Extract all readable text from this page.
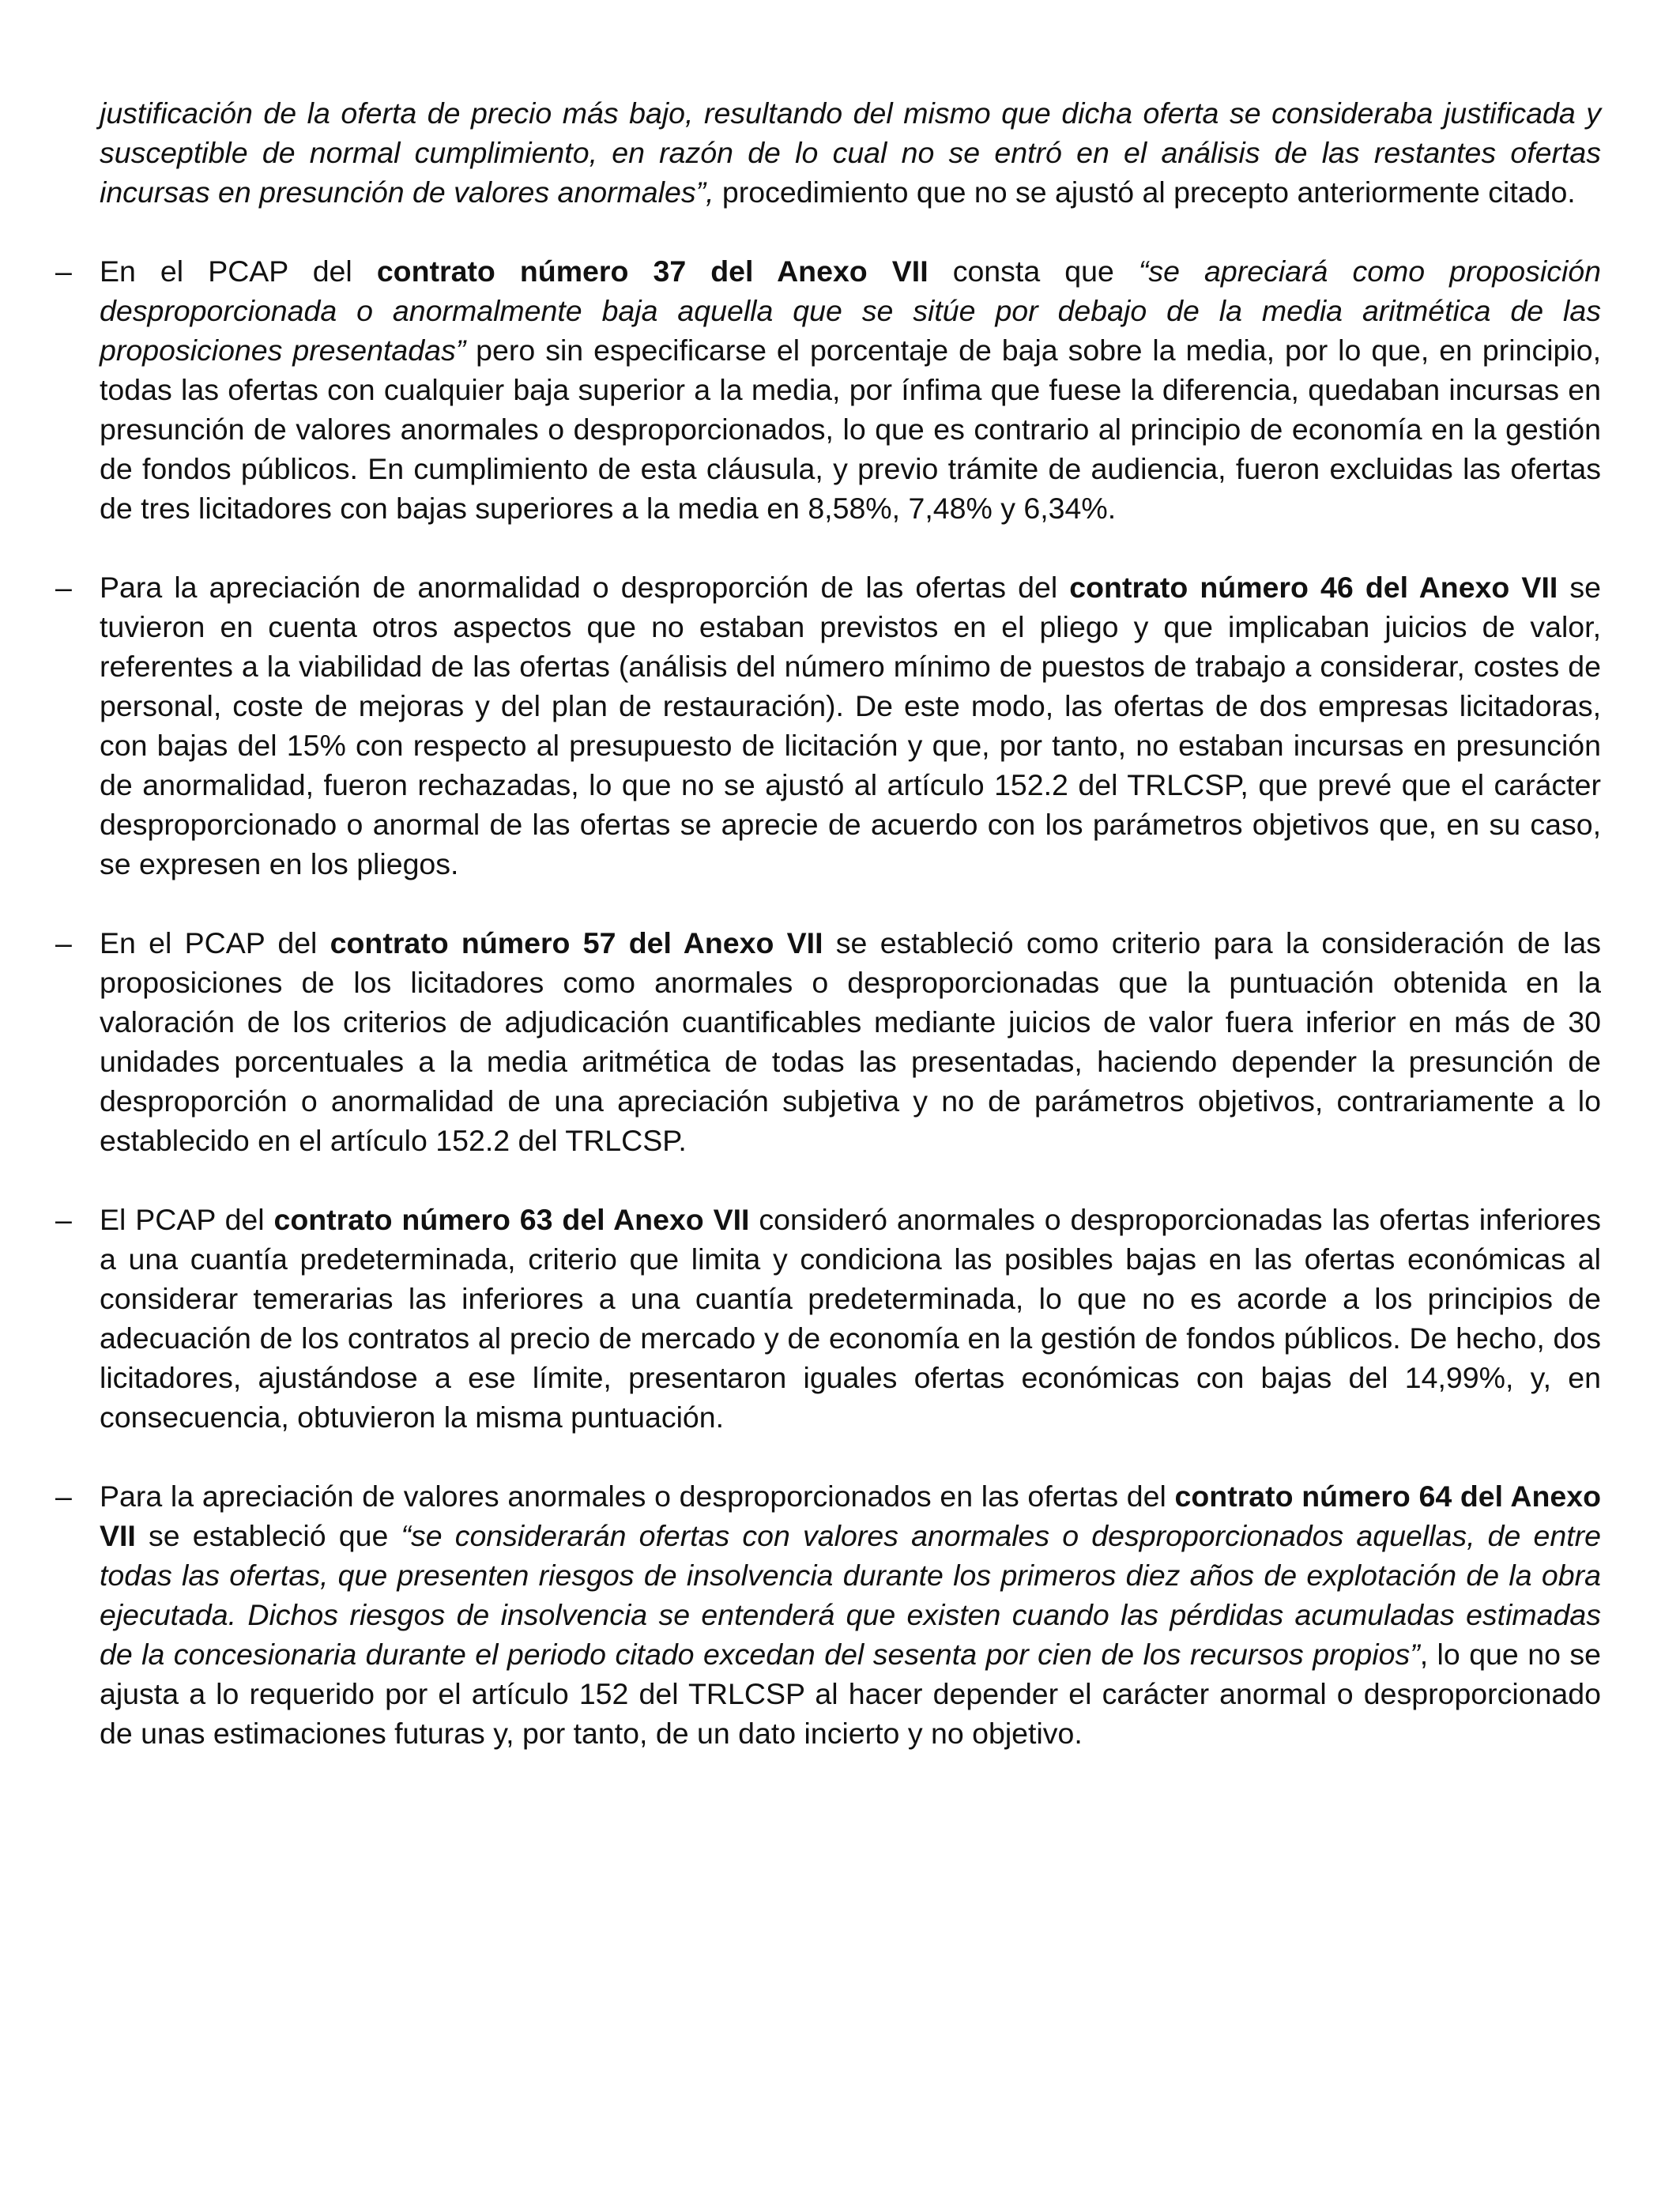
justificación de la oferta de precio más bajo, resultando del mismo que dicha oferta se consideraba justificada y susceptible de normal cumplimiento, en razón de lo cual no se entró en el análisis de las restantes ofertas incursas en presunción de valores anormales”, procedimiento que no se ajustó al precepto anteriormente citado.

– En el PCAP del contrato número 37 del Anexo VII consta que “se apreciará como proposición desproporcionada o anormalmente baja aquella que se sitúe por debajo de la media aritmética de las proposiciones presentadas” pero sin especificarse el porcentaje de baja sobre la media, por lo que, en principio, todas las ofertas con cualquier baja superior a la media, por ínfima que fuese la diferencia, quedaban incursas en presunción de valores anormales o desproporcionados, lo que es contrario al principio de economía en la gestión de fondos públicos. En cumplimiento de esta cláusula, y previo trámite de audiencia, fueron excluidas las ofertas de tres licitadores con bajas superiores a la media en 8,58%, 7,48% y 6,34%.

– Para la apreciación de anormalidad o desproporción de las ofertas del contrato número 46 del Anexo VII se tuvieron en cuenta otros aspectos que no estaban previstos en el pliego y que implicaban juicios de valor, referentes a la viabilidad de las ofertas (análisis del número mínimo de puestos de trabajo a considerar, costes de personal, coste de mejoras y del plan de restauración). De este modo, las ofertas de dos empresas licitadoras, con bajas del 15% con respecto al presupuesto de licitación y que, por tanto, no estaban incursas en presunción de anormalidad, fueron rechazadas, lo que no se ajustó al artículo 152.2 del TRLCSP, que prevé que el carácter desproporcionado o anormal de las ofertas se aprecie de acuerdo con los parámetros objetivos que, en su caso, se expresen en los pliegos.

– En el PCAP del contrato número 57 del Anexo VII se estableció como criterio para la consideración de las proposiciones de los licitadores como anormales o desproporcionadas que la puntuación obtenida en la valoración de los criterios de adjudicación cuantificables mediante juicios de valor fuera inferior en más de 30 unidades porcentuales a la media aritmética de todas las presentadas, haciendo depender la presunción de desproporción o anormalidad de una apreciación subjetiva y no de parámetros objetivos, contrariamente a lo establecido en el artículo 152.2 del TRLCSP.

– El PCAP del contrato número 63 del Anexo VII consideró anormales o desproporcionadas las ofertas inferiores a una cuantía predeterminada, criterio que limita y condiciona las posibles bajas en las ofertas económicas al considerar temerarias las inferiores a una cuantía predeterminada, lo que no es acorde a los principios de adecuación de los contratos al precio de mercado y de economía en la gestión de fondos públicos. De hecho, dos licitadores, ajustándose a ese límite, presentaron iguales ofertas económicas con bajas del 14,99%, y, en consecuencia, obtuvieron la misma puntuación.

– Para la apreciación de valores anormales o desproporcionados en las ofertas del contrato número 64 del Anexo VII se estableció que “se considerarán ofertas con valores anormales o desproporcionados aquellas, de entre todas las ofertas, que presenten riesgos de insolvencia durante los primeros diez años de explotación de la obra ejecutada. Dichos riesgos de insolvencia se entenderá que existen cuando las pérdidas acumuladas estimadas de la concesionaria durante el periodo citado excedan del sesenta por cien de los recursos propios”, lo que no se ajusta a lo requerido por el artículo 152 del TRLCSP al hacer depender el carácter anormal o desproporcionado de unas estimaciones futuras y, por tanto, de un dato incierto y no objetivo.
